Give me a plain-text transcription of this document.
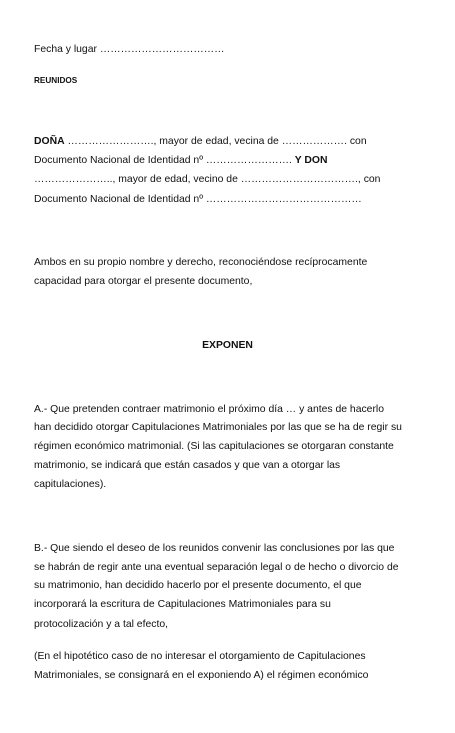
Fecha y lugar ………………………………
REUNIDOS
DOÑA ……………………., mayor de edad, vecina de ………………. con
Documento Nacional de Identidad nº ……………………. Y DON
………………….., mayor de edad, vecino de ……………………………., con
Documento Nacional de Identidad nº ………………………………………
Ambos en su propio nombre y derecho, reconociéndose recíprocamente
capacidad para otorgar el presente documento,
EXPONEN
A.- Que pretenden contraer matrimonio el próximo día … y antes de hacerlo
han decidido otorgar Capitulaciones Matrimoniales por las que se ha de regir su
régimen económico matrimonial. (Si las capitulaciones se otorgaran constante
matrimonio, se indicará que están casados y que van a otorgar las
capitulaciones).
B.- Que siendo el deseo de los reunidos convenir las conclusiones por las que
se habrán de regir ante una eventual separación legal o de hecho o divorcio de
su matrimonio, han decidido hacerlo por el presente documento, el que
incorporará la escritura de Capitulaciones Matrimoniales para su
protocolización y a tal efecto,
(En el hipotético caso de no interesar el otorgamiento de Capitulaciones
Matrimoniales, se consignará en el exponiendo A) el régimen económico
